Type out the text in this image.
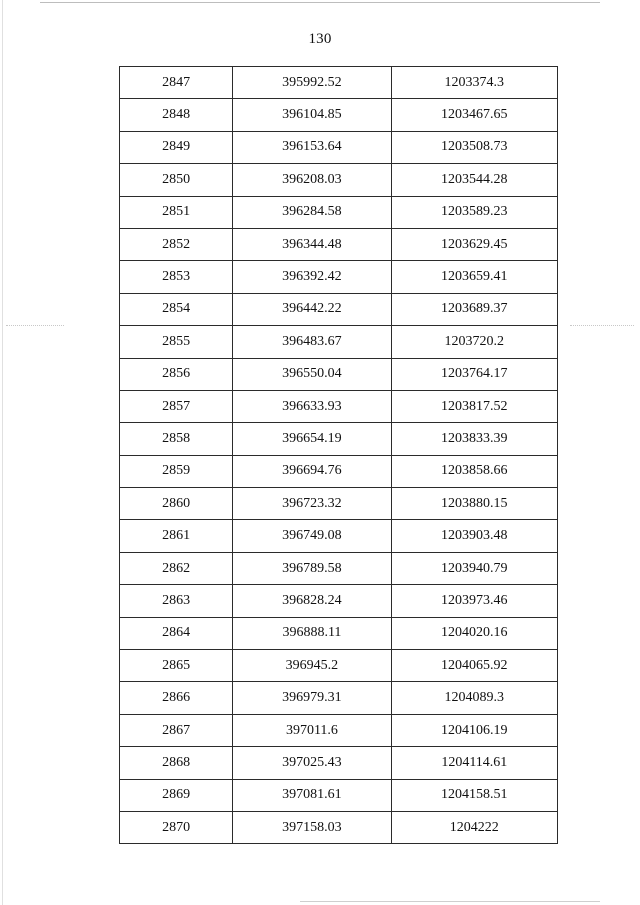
130
2847	395992.52	1203374.3
2848	396104.85	1203467.65
2849	396153.64	1203508.73
2850	396208.03	1203544.28
2851	396284.58	1203589.23
2852	396344.48	1203629.45
2853	396392.42	1203659.41
2854	396442.22	1203689.37
2855	396483.67	1203720.2
2856	396550.04	1203764.17
2857	396633.93	1203817.52
2858	396654.19	1203833.39
2859	396694.76	1203858.66
2860	396723.32	1203880.15
2861	396749.08	1203903.48
2862	396789.58	1203940.79
2863	396828.24	1203973.46
2864	396888.11	1204020.16
2865	396945.2	1204065.92
2866	396979.31	1204089.3
2867	397011.6	1204106.19
2868	397025.43	1204114.61
2869	397081.61	1204158.51
2870	397158.03	1204222
